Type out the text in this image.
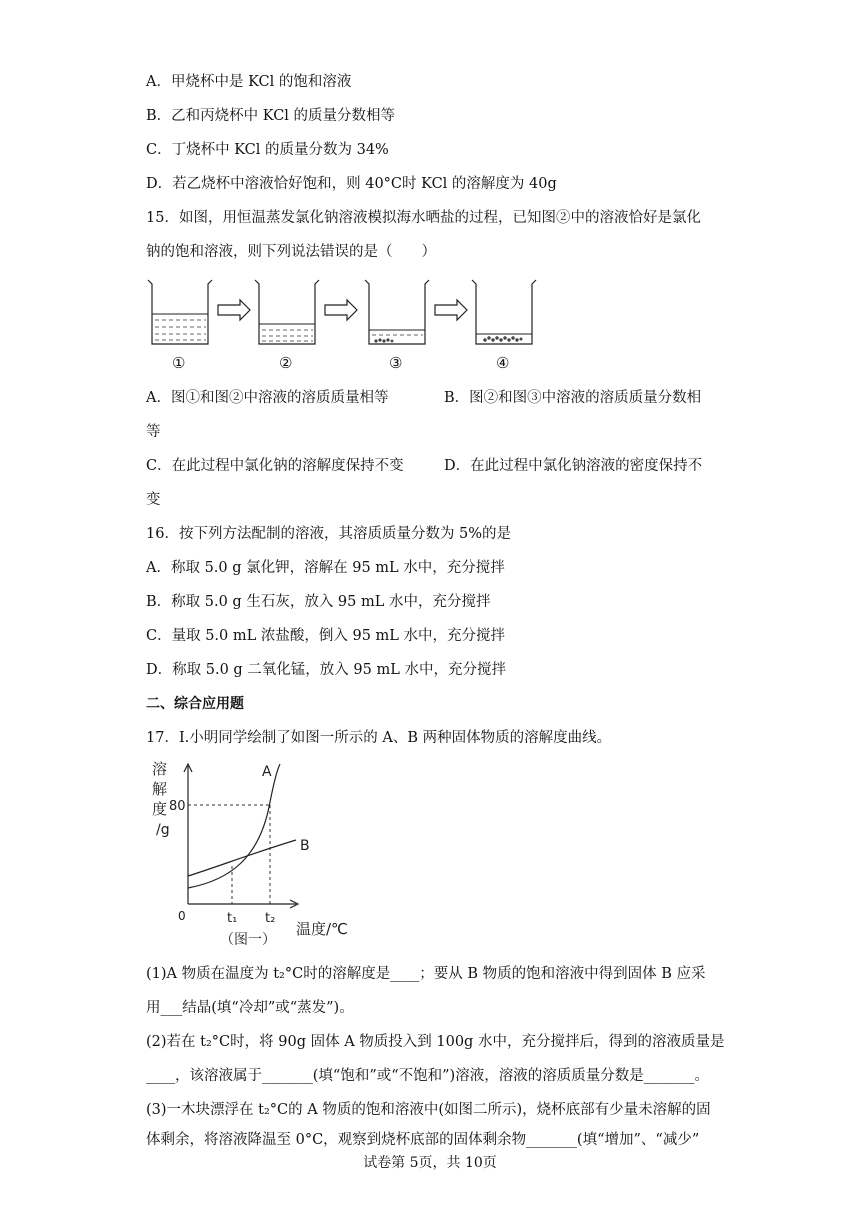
A．甲烧杯中是 KCl 的饱和溶液
B．乙和丙烧杯中 KCl 的质量分数相等
C．丁烧杯中 KCl 的质量分数为 34%
D．若乙烧杯中溶液恰好饱和，则 40°C时 KCl 的溶解度为 40g
15．如图，用恒温蒸发氯化钠溶液模拟海水晒盐的过程，已知图②中的溶液恰好是氯化
钠的饱和溶液，则下列说法错误的是（　　）
①	②	③	④
A．图①和图②中溶液的溶质质量相等	B．图②和图③中溶液的溶质质量分数相
等
C．在此过程中氯化钠的溶解度保持不变	D．在此过程中氯化钠溶液的密度保持不
变
16．按下列方法配制的溶液，其溶质质量分数为 5%的是
A．称取 5.0 g 氯化钾，溶解在 95 mL 水中，充分搅拌
B．称取 5.0 g 生石灰，放入 95 mL 水中，充分搅拌
C．量取 5.0 mL 浓盐酸，倒入 95 mL 水中，充分搅拌
D．称取 5.0 g 二氧化锰，放入 95 mL 水中，充分搅拌
二、综合应用题
17．I.小明同学绘制了如图一所示的 A、B 两种固体物质的溶解度曲线。
溶
解
度
/g
80
0	t₁ t₂
A
B
温度/℃
（图一）
(1)A 物质在温度为 t₂°C时的溶解度是____；要从 B 物质的饱和溶液中得到固体 B 应采
用___结晶(填“冷却”或“蒸发”)。
(2)若在 t₂°C时，将 90g 固体 A 物质投入到 100g 水中，充分搅拌后，得到的溶液质量是
____，该溶液属于_______(填“饱和”或“不饱和”)溶液，溶液的溶质质量分数是_______。
(3)一木块漂浮在 t₂°C的 A 物质的饱和溶液中(如图二所示)，烧杯底部有少量未溶解的固
体剩余，将溶液降温至 0°C，观察到烧杯底部的固体剩余物_______(填“增加”、“减少”
试卷第 5页，共 10页
